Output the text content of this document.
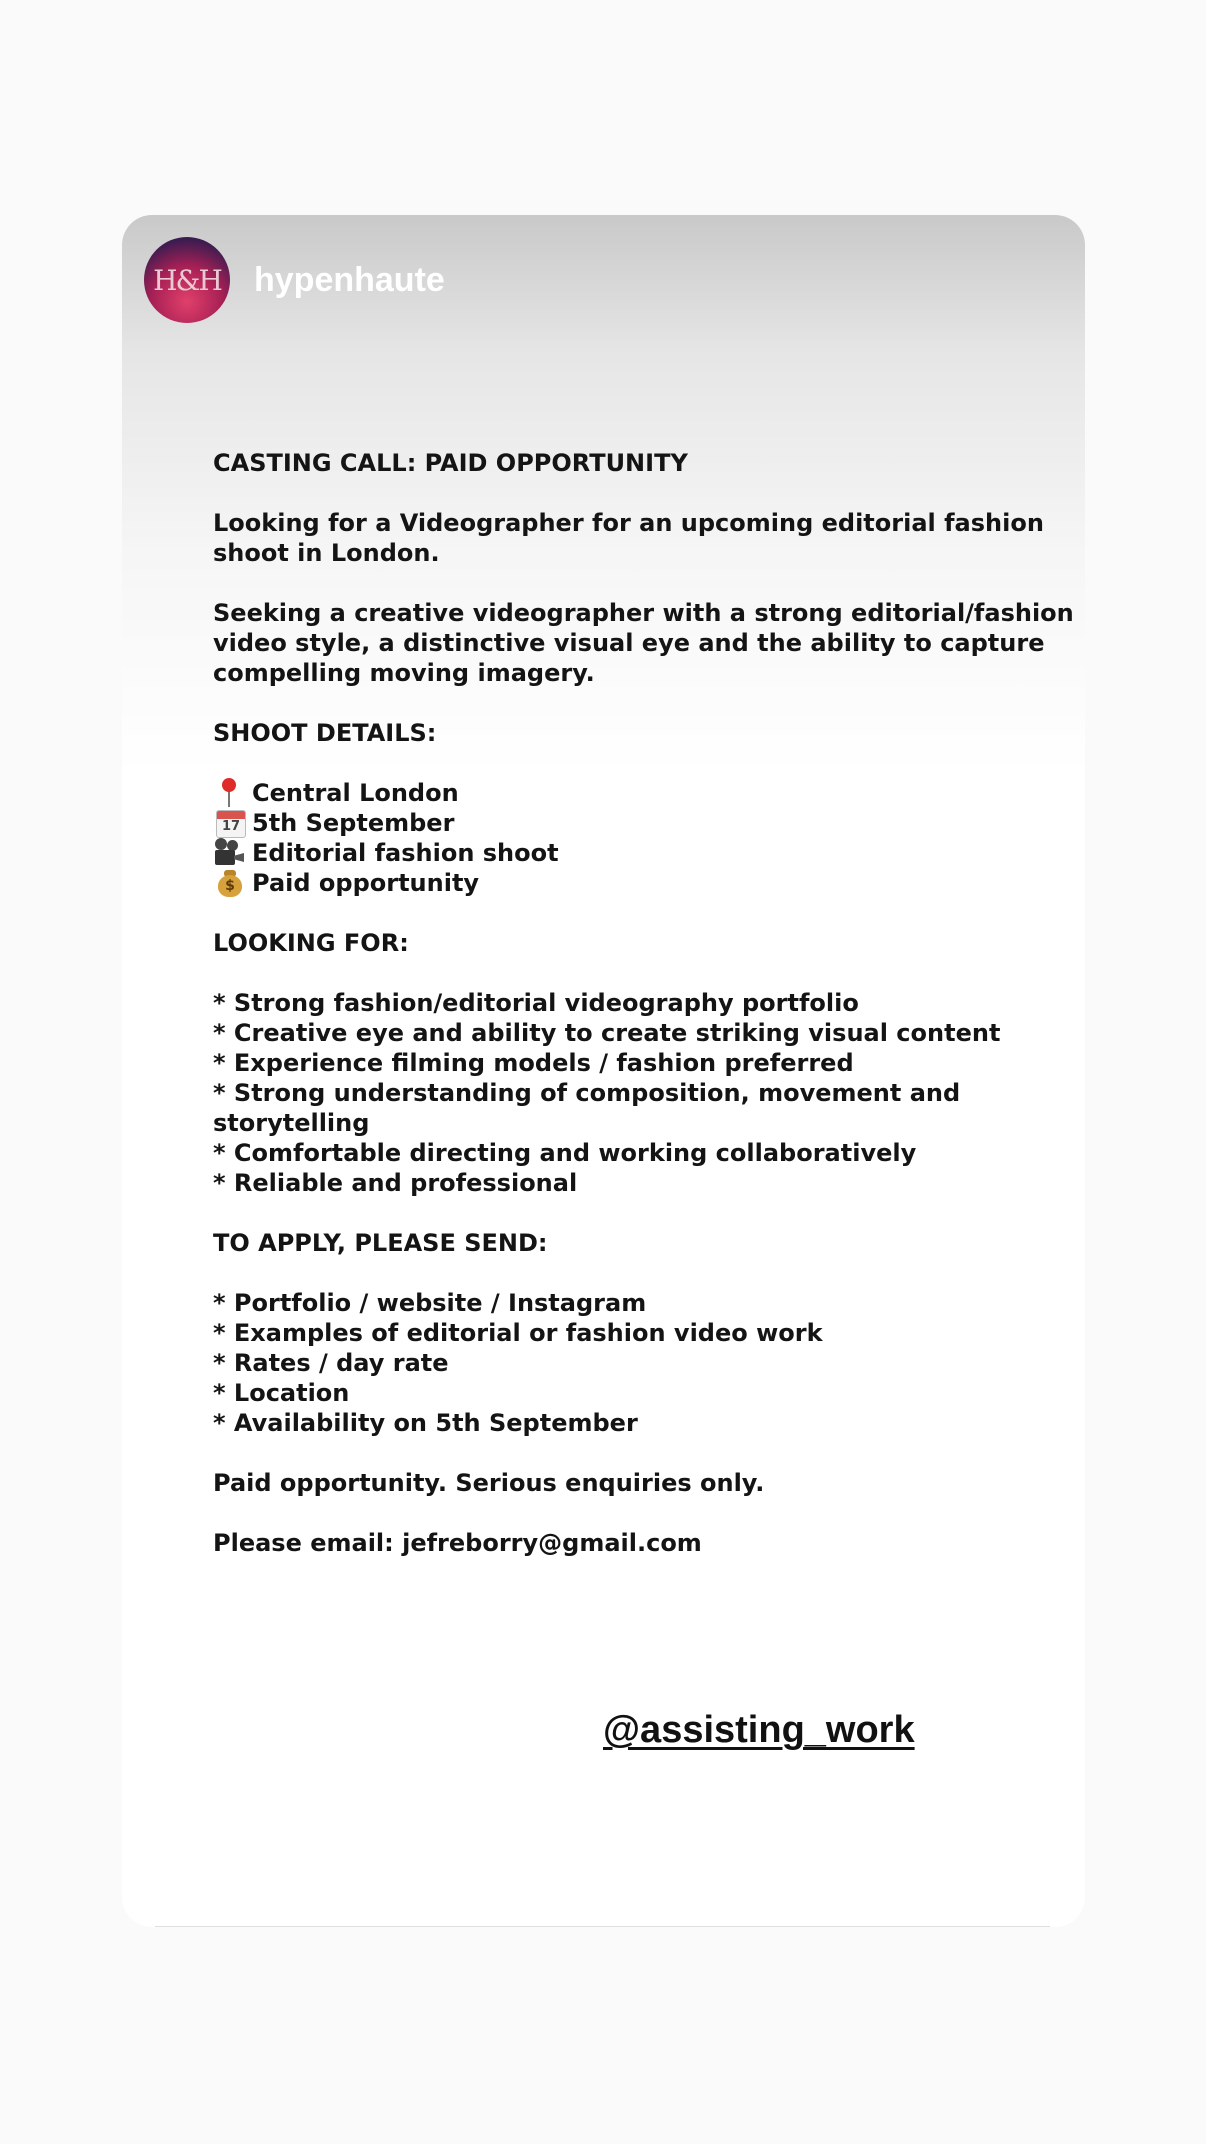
H&H hypenhaute

CASTING CALL: PAID OPPORTUNITY

Looking for a Videographer for an upcoming editorial fashion

shoot in London.

Seeking a creative videographer with a strong editorial/fashion

video style, a distinctive visual eye and the ability to capture

compelling moving imagery.

SHOOT DETAILS:

Central London
17 5th September
Editorial fashion shoot
$ Paid opportunity

LOOKING FOR:

* Strong fashion/editorial videography portfolio

* Creative eye and ability to create striking visual content

* Experience filming models / fashion preferred

* Strong understanding of composition, movement and

storytelling

* Comfortable directing and working collaboratively

* Reliable and professional

TO APPLY, PLEASE SEND:

* Portfolio / website / Instagram

* Examples of editorial or fashion video work

* Rates / day rate

* Location

* Availability on 5th September

Paid opportunity. Serious enquiries only.

Please email: jefreborry@gmail.com

@assisting_work
